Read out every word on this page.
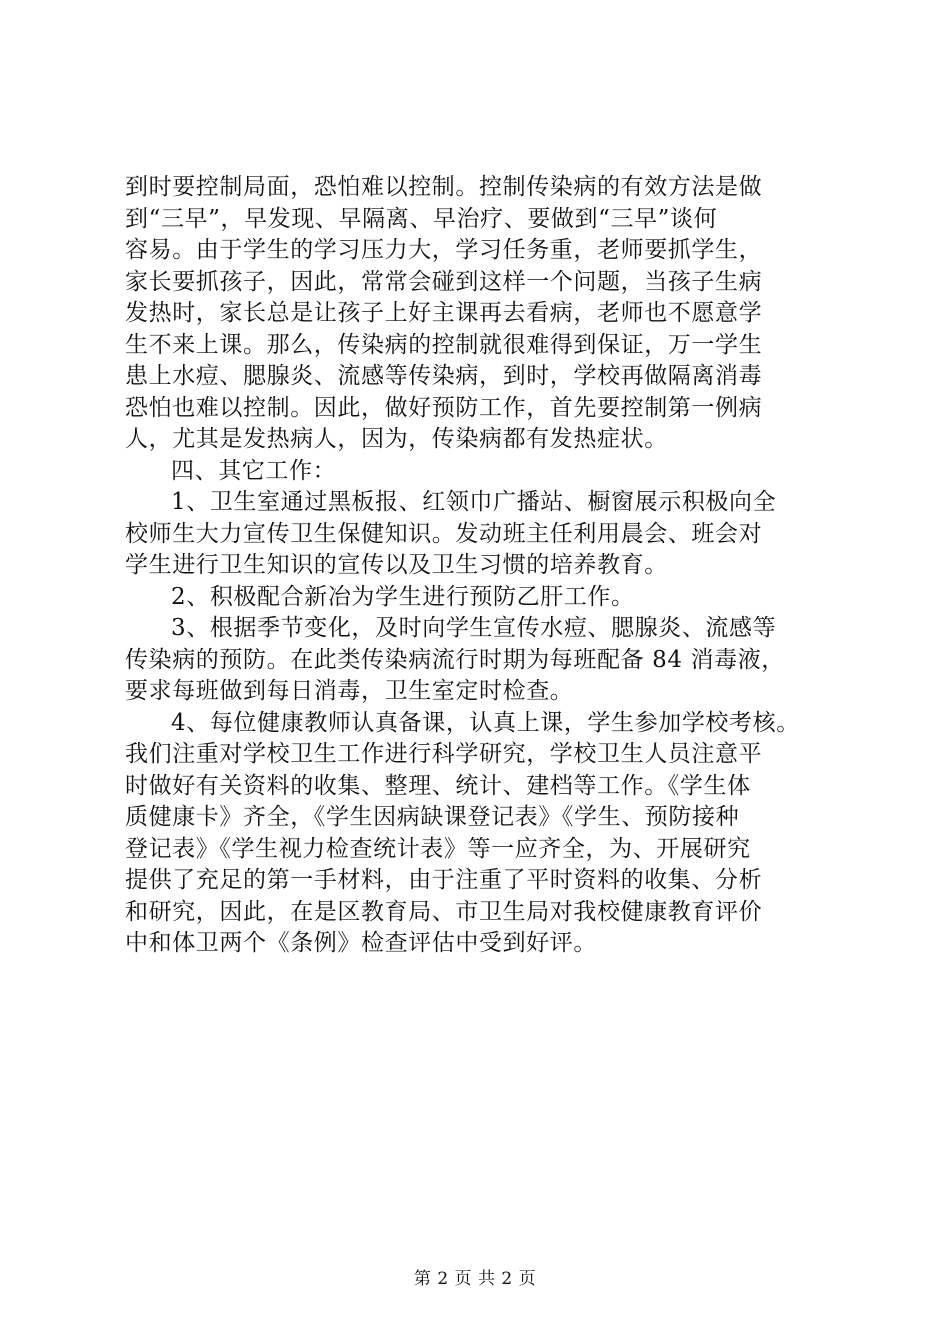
到时要控制局面，恐怕难以控制。控制传染病的有效方法是做
到“三早”，早发现、早隔离、早治疗、要做到“三早”谈何
容易。由于学生的学习压力大，学习任务重，老师要抓学生，
家长要抓孩子，因此，常常会碰到这样一个问题，当孩子生病
发热时，家长总是让孩子上好主课再去看病，老师也不愿意学
生不来上课。那么，传染病的控制就很难得到保证，万一学生
患上水痘、腮腺炎、流感等传染病，到时，学校再做隔离消毒
恐怕也难以控制。因此，做好预防工作，首先要控制第一例病
人，尤其是发热病人，因为，传染病都有发热症状。
四、其它工作：
1、卫生室通过黑板报、红领巾广播站、橱窗展示积极向全
校师生大力宣传卫生保健知识。发动班主任利用晨会、班会对
学生进行卫生知识的宣传以及卫生习惯的培养教育。
2、积极配合新冶为学生进行预防乙肝工作。
3、根据季节变化，及时向学生宣传水痘、腮腺炎、流感等
传染病的预防。在此类传染病流行时期为每班配备 84 消毒液，
要求每班做到每日消毒，卫生室定时检查。
4、每位健康教师认真备课，认真上课，学生参加学校考核。
我们注重对学校卫生工作进行科学研究，学校卫生人员注意平
时做好有关资料的收集、整理、统计、建档等工作。《学生体
质健康卡》齐全，《学生因病缺课登记表》《学生、预防接种
登记表》《学生视力检查统计表》等一应齐全，为、开展研究
提供了充足的第一手材料，由于注重了平时资料的收集、分析
和研究，因此，在是区教育局、市卫生局对我校健康教育评价
中和体卫两个《条例》检查评估中受到好评。
第 2 页 共 2 页
